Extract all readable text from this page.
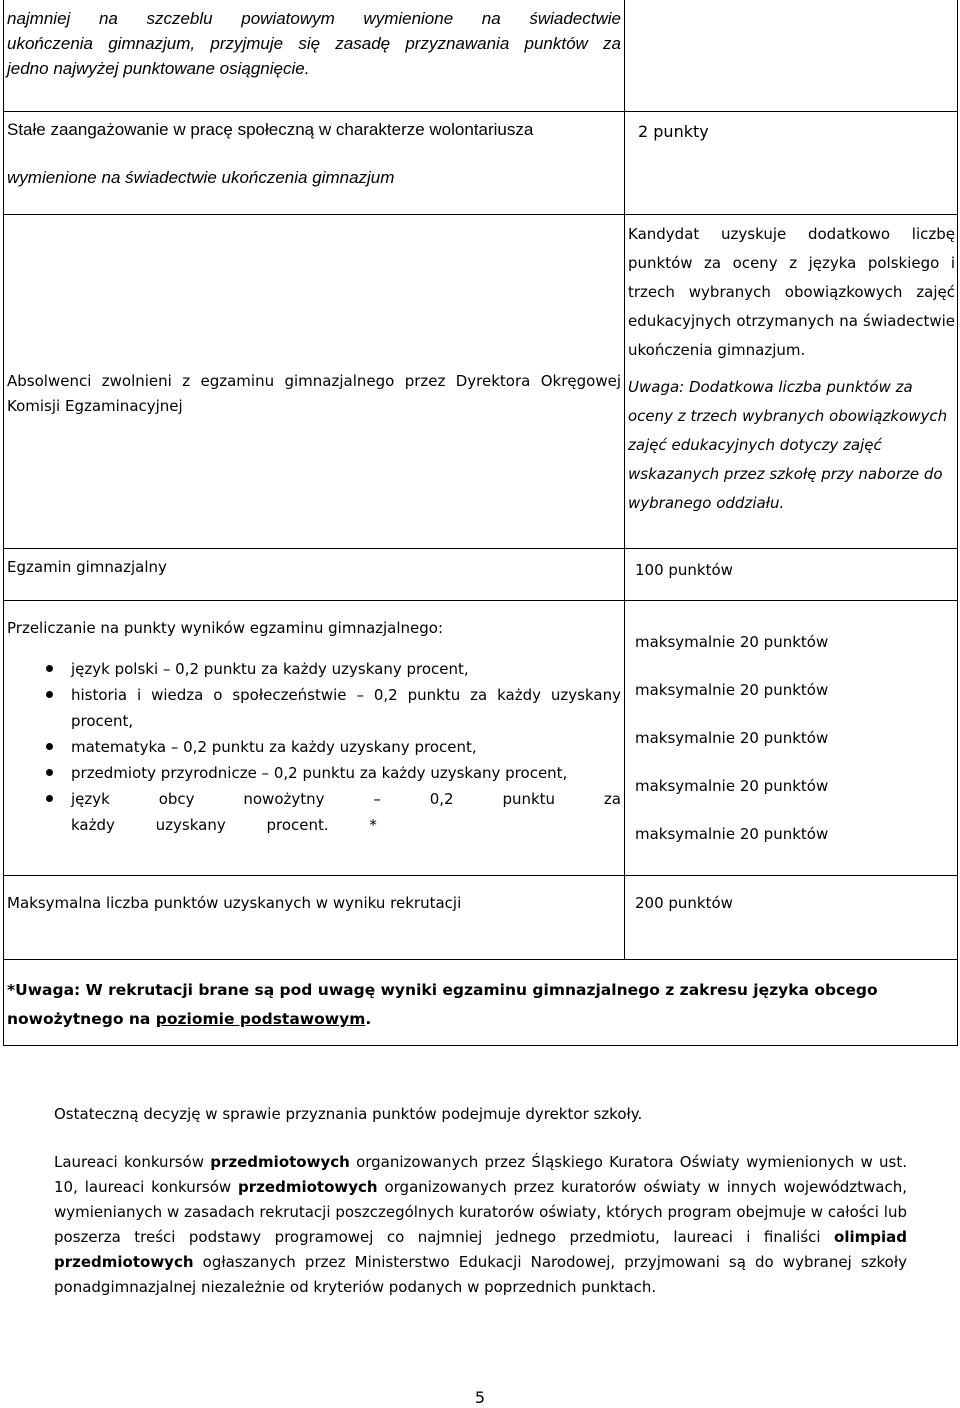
najmniej na szczeblu powiatowym wymienione na świadectwie
ukończenia gimnazjum, przyjmuje się zasadę przyznawania punktów za
jedno najwyżej punktowane osiągnięcie.
Stałe zaangażowanie w pracę społeczną w charakterze wolontariusza
wymienione na świadectwie ukończenia gimnazjum
2 punkty
Absolwenci zwolnieni z egzaminu gimnazjalnego przez Dyrektora Okręgowej Komisji Egzaminacyjnej
Kandydat uzyskuje dodatkowo liczbę punktów za oceny z języka polskiego i trzech wybranych obowiązkowych zajęć edukacyjnych otrzymanych na świadectwie ukończenia gimnazjum.
Uwaga: Dodatkowa liczba punktów za oceny z trzech wybranych obowiązkowych zajęć edukacyjnych dotyczy zajęć wskazanych przez szkołę przy naborze do wybranego oddziału.
Egzamin gimnazjalny	100 punktów
Przeliczanie na punkty wyników egzaminu gimnazjalnego:
język polski – 0,2 punktu za każdy uzyskany procent,
historia i wiedza o społeczeństwie – 0,2 punktu za każdy uzyskany procent,
matematyka – 0,2 punktu za każdy uzyskany procent,
przedmioty przyrodnicze – 0,2 punktu za każdy uzyskany procent,
język obcy nowożytny – 0,2 punktu za każdy uzyskany procent. *
maksymalnie 20 punktów
maksymalnie 20 punktów
maksymalnie 20 punktów
maksymalnie 20 punktów
maksymalnie 20 punktów
Maksymalna liczba punktów uzyskanych w wyniku rekrutacji	200 punktów
*Uwaga: W rekrutacji brane są pod uwagę wyniki egzaminu gimnazjalnego z zakresu języka obcego nowożytnego na poziomie podstawowym.
Ostateczną decyzję w sprawie przyznania punktów podejmuje dyrektor szkoły.
Laureaci konkursów przedmiotowych organizowanych przez Śląskiego Kuratora Oświaty wymienionych w ust. 10, laureaci konkursów przedmiotowych organizowanych przez kuratorów oświaty w innych województwach, wymienianych w zasadach rekrutacji poszczególnych kuratorów oświaty, których program obejmuje w całości lub poszerza treści podstawy programowej co najmniej jednego przedmiotu, laureaci i finaliści olimpiad przedmiotowych ogłaszanych przez Ministerstwo Edukacji Narodowej, przyjmowani są do wybranej szkoły ponadgimnazjalnej niezależnie od kryteriów podanych w poprzednich punktach.
5
